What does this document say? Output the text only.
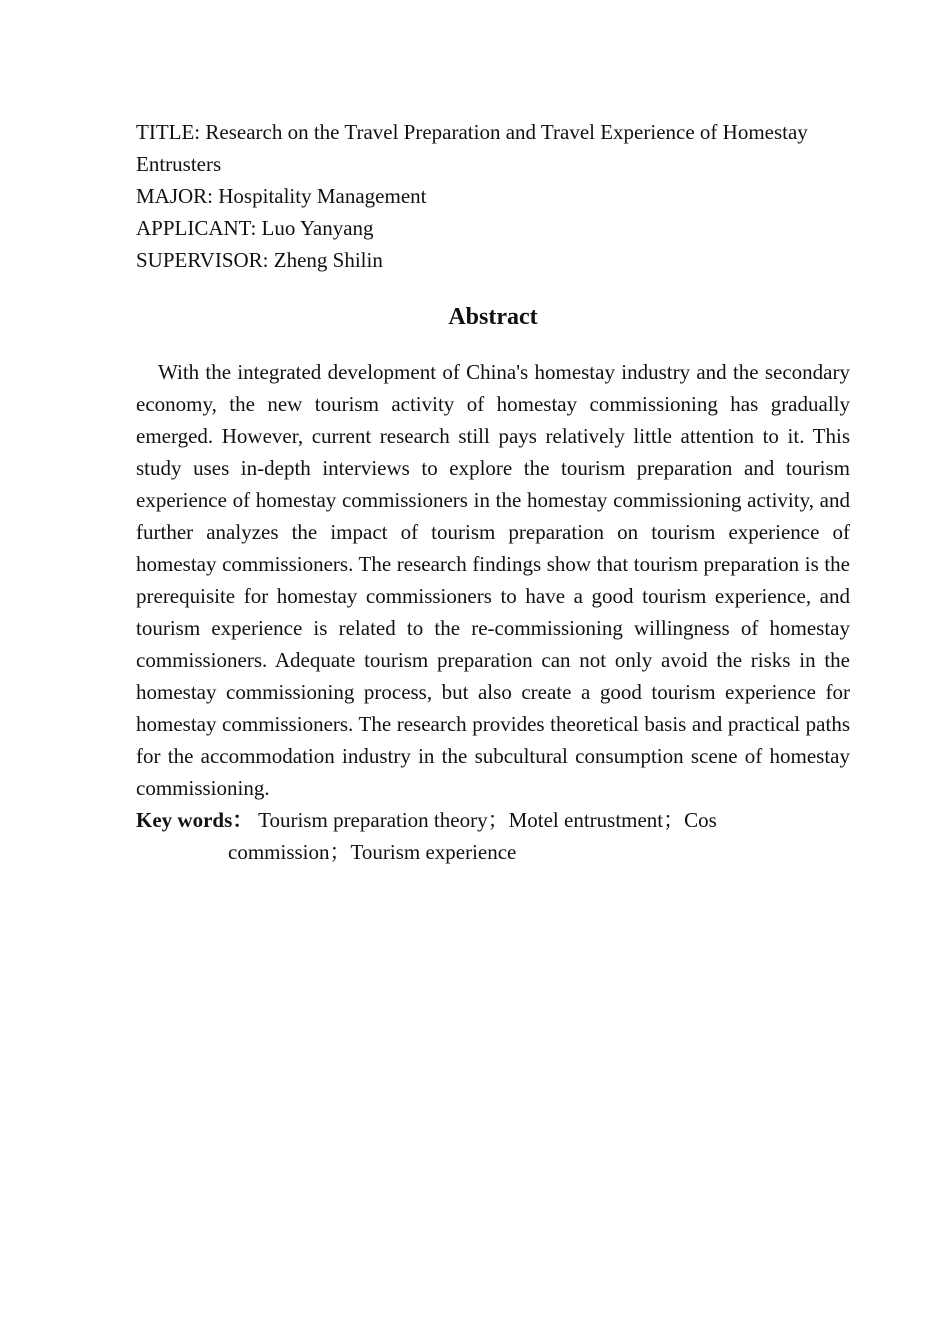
TITLE: Research on the Travel Preparation and Travel Experience of Homestay Entrusters

MAJOR: Hospitality Management

APPLICANT: Luo Yanyang

SUPERVISOR: Zheng Shilin

Abstract

With the integrated development of China's homestay industry and the secondary economy, the new tourism activity of homestay commissioning has gradually emerged. However, current research still pays relatively little attention to it. This study uses in-depth interviews to explore the tourism preparation and tourism experience of homestay commissioners in the homestay commissioning activity, and further analyzes the impact of tourism preparation on tourism experience of homestay commissioners. The research findings show that tourism preparation is the prerequisite for homestay commissioners to have a good tourism experience, and tourism experience is related to the re-commissioning willingness of homestay commissioners. Adequate tourism preparation can not only avoid the risks in the homestay commissioning process, but also create a good tourism experience for homestay commissioners. The research provides theoretical basis and practical paths for the accommodation industry in the subcultural consumption scene of homestay commissioning.

Key words： Tourism preparation theory；Motel entrustment；Cos
commission；Tourism experience
